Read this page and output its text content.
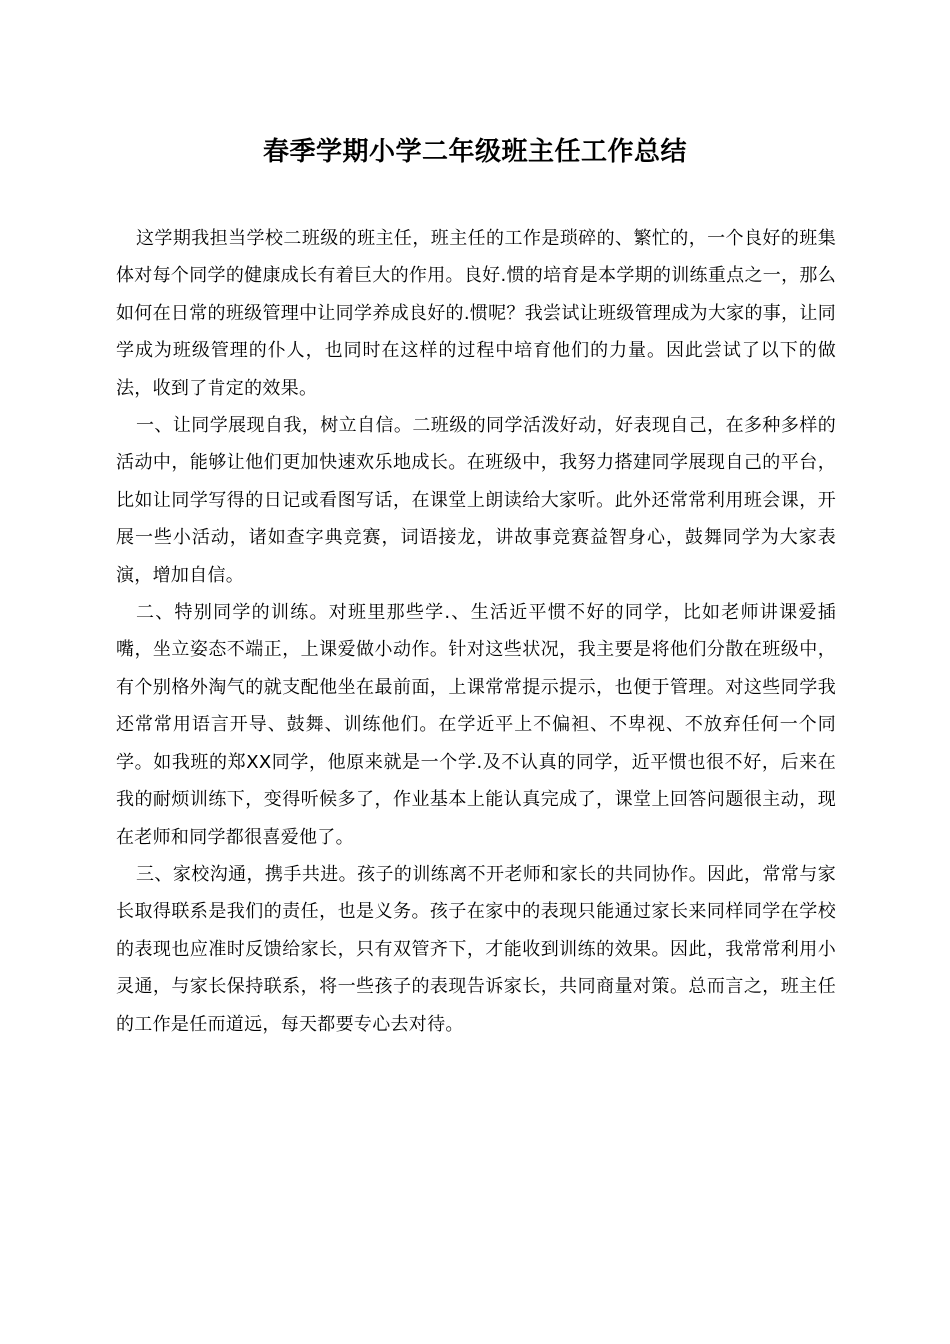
春季学期小学二年级班主任工作总结

这学期我担当学校二班级的班主任，班主任的工作是琐碎的、繁忙的，一个良好的班集体对每个同学的健康成长有着巨大的作用。良好.惯的培育是本学期的训练重点之一，那么如何在日常的班级管理中让同学养成良好的.惯呢？我尝试让班级管理成为大家的事，让同学成为班级管理的仆人，也同时在这样的过程中培育他们的力量。因此尝试了以下的做法，收到了肯定的效果。

一、让同学展现自我，树立自信。二班级的同学活泼好动，好表现自己，在多种多样的活动中，能够让他们更加快速欢乐地成长。在班级中，我努力搭建同学展现自己的平台，比如让同学写得的日记或看图写话，在课堂上朗读给大家听。此外还常常利用班会课，开展一些小活动，诸如查字典竞赛，词语接龙，讲故事竞赛益智身心，鼓舞同学为大家表演，增加自信。

二、特别同学的训练。对班里那些学.、生活近平惯不好的同学，比如老师讲课爱插嘴，坐立姿态不端正，上课爱做小动作。针对这些状况，我主要是将他们分散在班级中，有个别格外淘气的就支配他坐在最前面，上课常常提示提示，也便于管理。对这些同学我还常常用语言开导、鼓舞、训练他们。在学近平上不偏袒、不卑视、不放弃任何一个同学。如我班的郑XX同学，他原来就是一个学.及不认真的同学，近平惯也很不好，后来在我的耐烦训练下，变得听候多了，作业基本上能认真完成了，课堂上回答问题很主动，现在老师和同学都很喜爱他了。

三、家校沟通，携手共进。孩子的训练离不开老师和家长的共同协作。因此，常常与家长取得联系是我们的责任，也是义务。孩子在家中的表现只能通过家长来同样同学在学校的表现也应准时反馈给家长，只有双管齐下，才能收到训练的效果。因此，我常常利用小灵通，与家长保持联系，将一些孩子的表现告诉家长，共同商量对策。总而言之，班主任的工作是任而道远，每天都要专心去对待。
